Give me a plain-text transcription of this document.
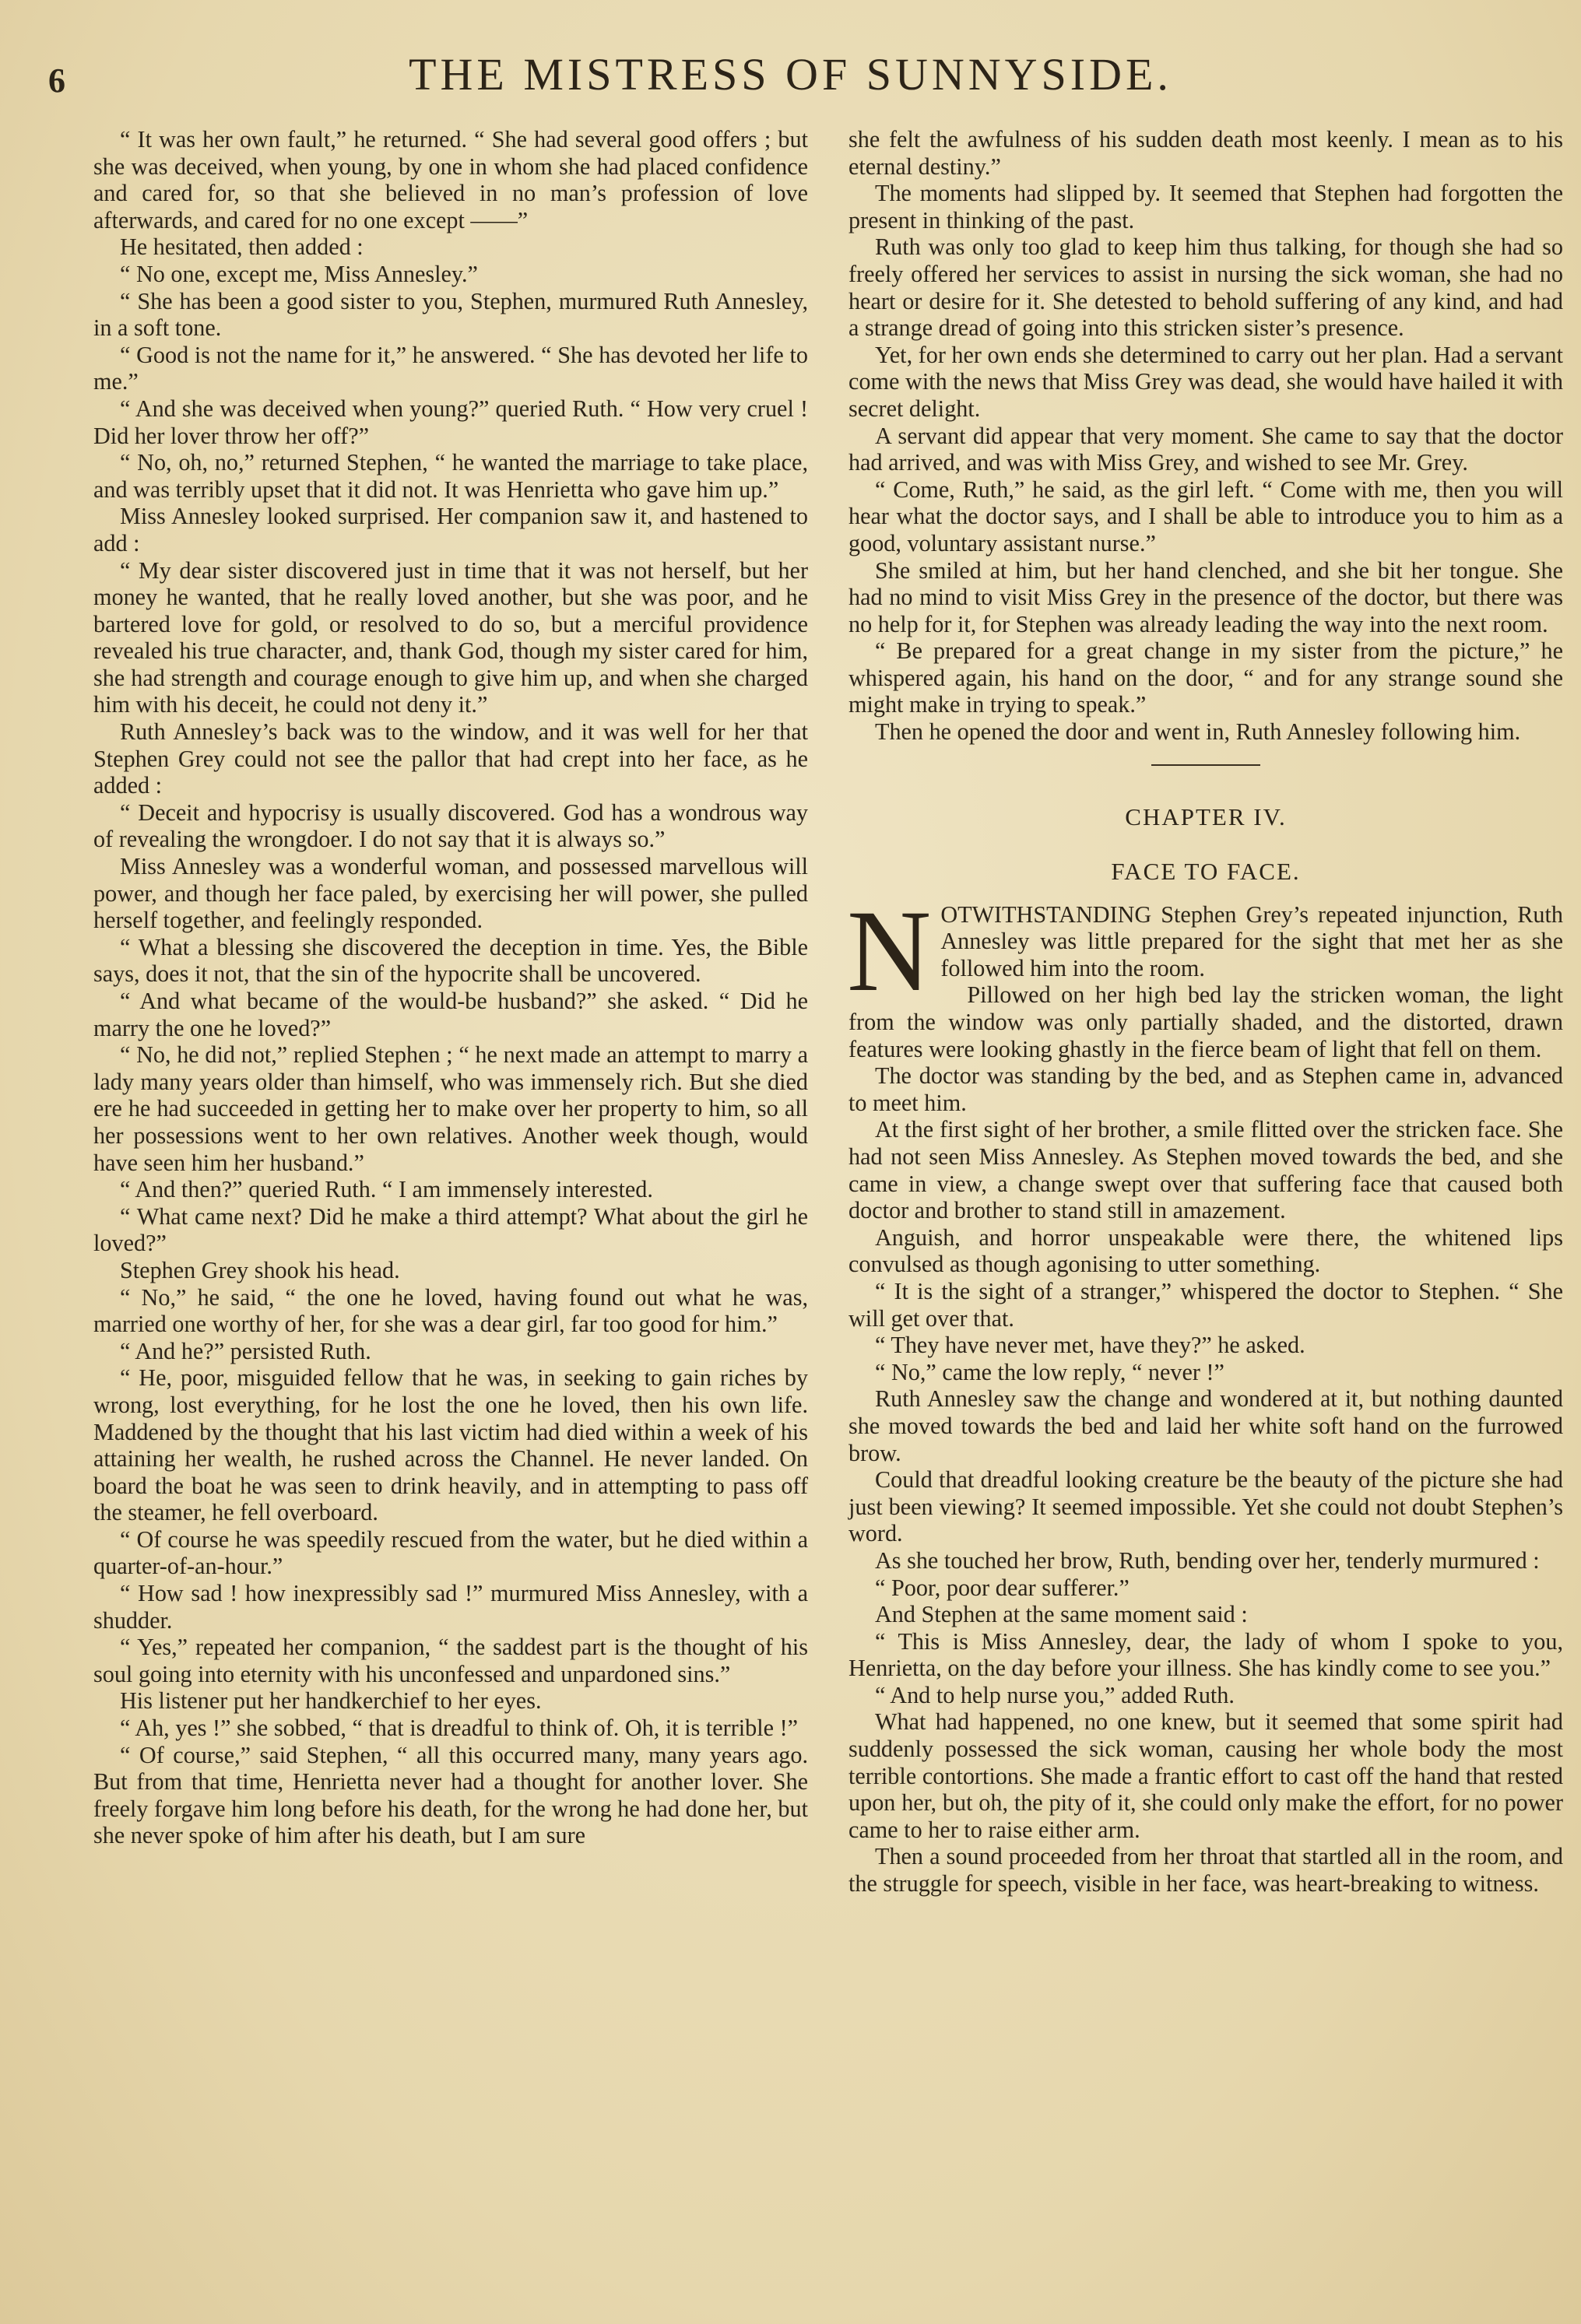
6	THE MISTRESS OF SUNNYSIDE.

“ It was her own fault,” he returned. “ She had several good offers ; but she was deceived, when young, by one in whom she had placed confidence and cared for, so that she believed in no man’s profession of love afterwards, and cared for no one except ——”

He hesitated, then added :

“ No one, except me, Miss Annesley.”

“ She has been a good sister to you, Stephen, murmured Ruth Annesley, in a soft tone.

“ Good is not the name for it,” he answered. “ She has devoted her life to me.”

“ And she was deceived when young?” queried Ruth. “ How very cruel ! Did her lover throw her off?”

“ No, oh, no,” returned Stephen, “ he wanted the marriage to take place, and was terribly upset that it did not. It was Henrietta who gave him up.”

Miss Annesley looked surprised. Her companion saw it, and hastened to add :

“ My dear sister discovered just in time that it was not herself, but her money he wanted, that he really loved another, but she was poor, and he bartered love for gold, or resolved to do so, but a merciful providence revealed his true character, and, thank God, though my sister cared for him, she had strength and courage enough to give him up, and when she charged him with his deceit, he could not deny it.”

Ruth Annesley’s back was to the window, and it was well for her that Stephen Grey could not see the pallor that had crept into her face, as he added :

“ Deceit and hypocrisy is usually discovered. God has a wondrous way of revealing the wrongdoer. I do not say that it is always so.”

Miss Annesley was a wonderful woman, and possessed marvellous will power, and though her face paled, by exercising her will power, she pulled herself together, and feelingly responded.

“ What a blessing she discovered the deception in time. Yes, the Bible says, does it not, that the sin of the hypocrite shall be uncovered.

“ And what became of the would-be husband?” she asked. “ Did he marry the one he loved?”

“ No, he did not,” replied Stephen ; “ he next made an attempt to marry a lady many years older than himself, who was immensely rich. But she died ere he had succeeded in getting her to make over her property to him, so all her possessions went to her own relatives. Another week though, would have seen him her husband.”

“ And then?” queried Ruth. “ I am immensely interested.

“ What came next? Did he make a third attempt? What about the girl he loved?”

Stephen Grey shook his head.

“ No,” he said, “ the one he loved, having found out what he was, married one worthy of her, for she was a dear girl, far too good for him.”

“ And he?” persisted Ruth.

“ He, poor, misguided fellow that he was, in seeking to gain riches by wrong, lost everything, for he lost the one he loved, then his own life. Maddened by the thought that his last victim had died within a week of his attaining her wealth, he rushed across the Channel. He never landed. On board the boat he was seen to drink heavily, and in attempting to pass off the steamer, he fell overboard.

“ Of course he was speedily rescued from the water, but he died within a quarter-of-an-hour.”

“ How sad ! how inexpressibly sad !” murmured Miss Annesley, with a shudder.

“ Yes,” repeated her companion, “ the saddest part is the thought of his soul going into eternity with his unconfessed and unpardoned sins.”

His listener put her handkerchief to her eyes.

“ Ah, yes !” she sobbed, “ that is dreadful to think of. Oh, it is terrible !”

“ Of course,” said Stephen, “ all this occurred many, many years ago. But from that time, Henrietta never had a thought for another lover. She freely forgave him long before his death, for the wrong he had done her, but she never spoke of him after his death, but I am sure

she felt the awfulness of his sudden death most keenly. I mean as to his eternal destiny.”

The moments had slipped by. It seemed that Stephen had forgotten the present in thinking of the past.

Ruth was only too glad to keep him thus talking, for though she had so freely offered her services to assist in nursing the sick woman, she had no heart or desire for it. She detested to behold suffering of any kind, and had a strange dread of going into this stricken sister’s presence.

Yet, for her own ends she determined to carry out her plan. Had a servant come with the news that Miss Grey was dead, she would have hailed it with secret delight.

A servant did appear that very moment. She came to say that the doctor had arrived, and was with Miss Grey, and wished to see Mr. Grey.

“ Come, Ruth,” he said, as the girl left. “ Come with me, then you will hear what the doctor says, and I shall be able to introduce you to him as a good, voluntary assistant nurse.”

She smiled at him, but her hand clenched, and she bit her tongue. She had no mind to visit Miss Grey in the presence of the doctor, but there was no help for it, for Stephen was already leading the way into the next room.

“ Be prepared for a great change in my sister from the picture,” he whispered again, his hand on the door, “ and for any strange sound she might make in trying to speak.”

Then he opened the door and went in, Ruth Annesley following him.

CHAPTER IV.
FACE TO FACE.

NOTWITHSTANDING Stephen Grey’s repeated injunction, Ruth Annesley was little prepared for the sight that met her as she followed him into the room.

Pillowed on her high bed lay the stricken woman, the light from the window was only partially shaded, and the distorted, drawn features were looking ghastly in the fierce beam of light that fell on them.

The doctor was standing by the bed, and as Stephen came in, advanced to meet him.

At the first sight of her brother, a smile flitted over the stricken face. She had not seen Miss Annesley. As Stephen moved towards the bed, and she came in view, a change swept over that suffering face that caused both doctor and brother to stand still in amazement.

Anguish, and horror unspeakable were there, the whitened lips convulsed as though agonising to utter something.

“ It is the sight of a stranger,” whispered the doctor to Stephen. “ She will get over that.

“ They have never met, have they?” he asked.

“ No,” came the low reply, “ never !”

Ruth Annesley saw the change and wondered at it, but nothing daunted she moved towards the bed and laid her white soft hand on the furrowed brow.

Could that dreadful looking creature be the beauty of the picture she had just been viewing? It seemed impossible. Yet she could not doubt Stephen’s word.

As she touched her brow, Ruth, bending over her, tenderly murmured :

“ Poor, poor dear sufferer.”

And Stephen at the same moment said :

“ This is Miss Annesley, dear, the lady of whom I spoke to you, Henrietta, on the day before your illness. She has kindly come to see you.”

“ And to help nurse you,” added Ruth.

What had happened, no one knew, but it seemed that some spirit had suddenly possessed the sick woman, causing her whole body the most terrible contortions. She made a frantic effort to cast off the hand that rested upon her, but oh, the pity of it, she could only make the effort, for no power came to her to raise either arm.

Then a sound proceeded from her throat that startled all in the room, and the struggle for speech, visible in her face, was heart-breaking to witness.
